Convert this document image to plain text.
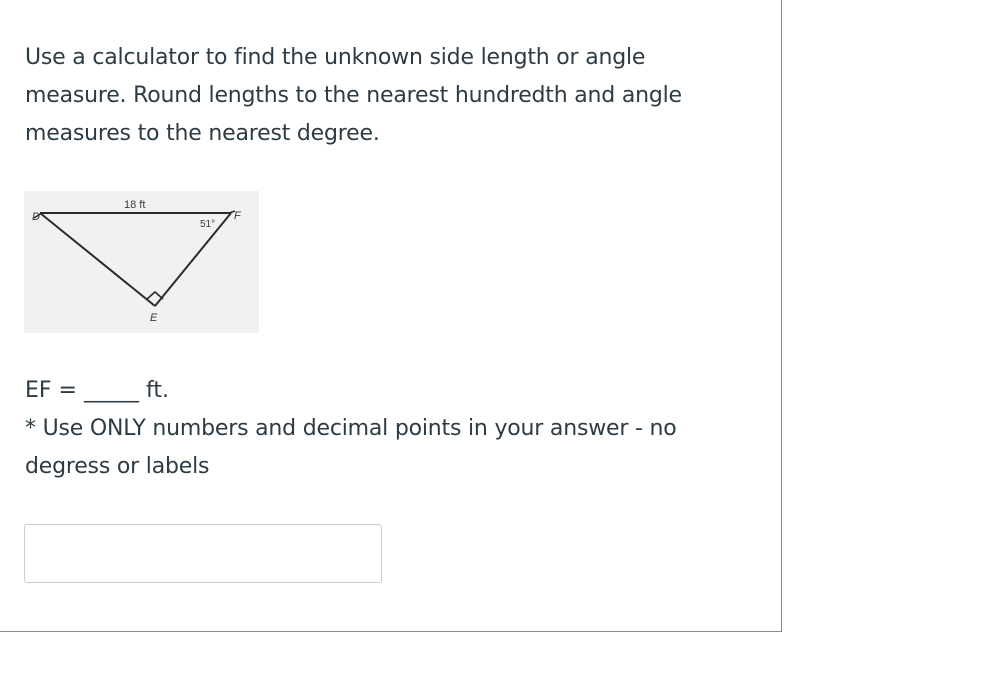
Use a calculator to find the unknown side length or angle measure. Round lengths to the nearest hundredth and angle measures to the nearest degree.

D	F
E
18 ft
51°

EF = _____ ft.

* Use ONLY numbers and decimal points in your answer - no degress or labels
